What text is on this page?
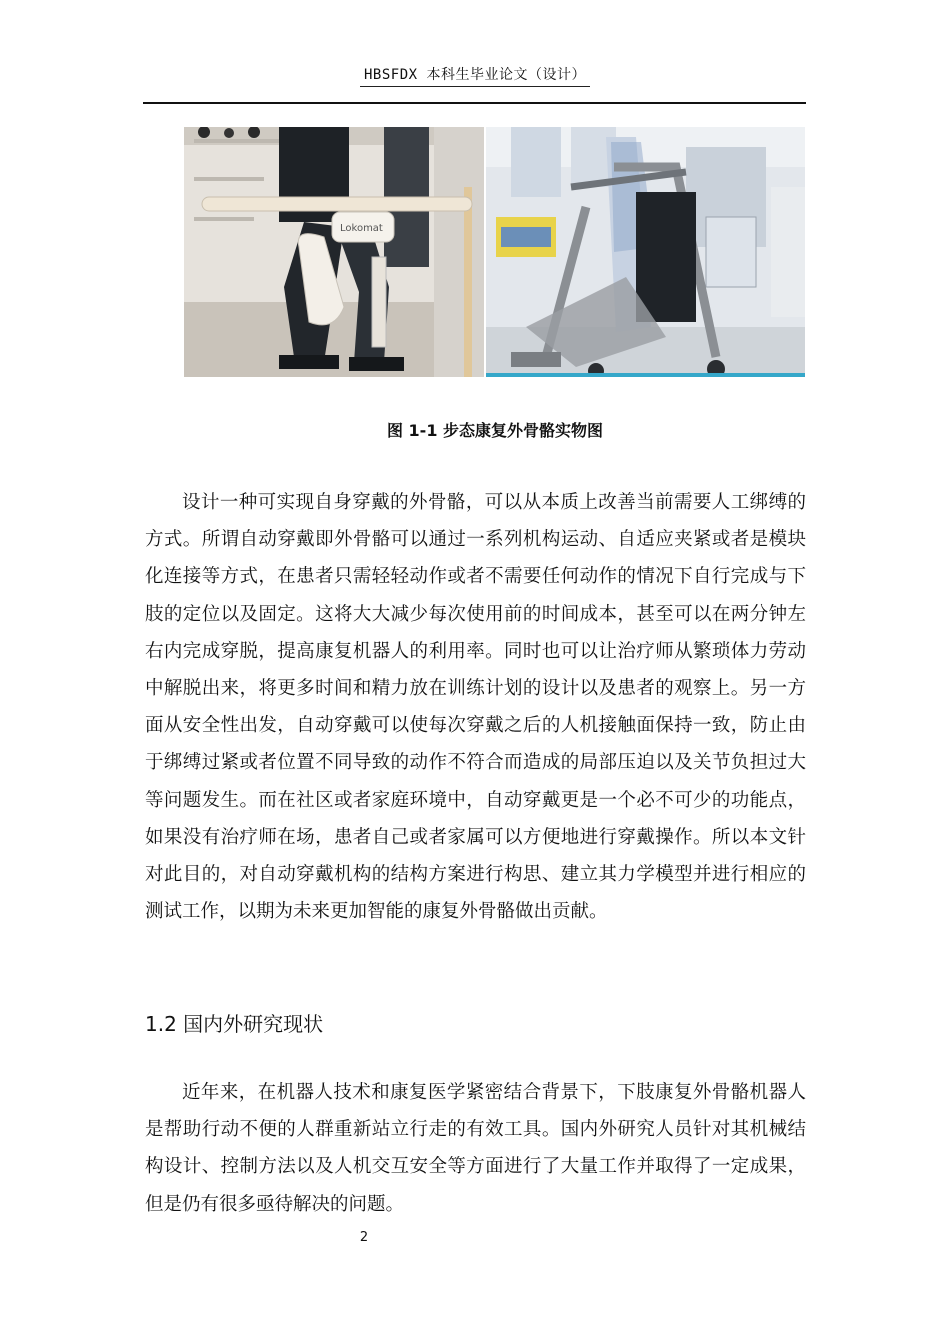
HBSFDX 本科生毕业论文（设计）
Lokomat
图 1-1 步态康复外骨骼实物图

设计一种可实现自身穿戴的外骨骼，可以从本质上改善当前需要人工绑缚的方式。所谓自动穿戴即外骨骼可以通过一系列机构运动、自适应夹紧或者是模块化连接等方式，在患者只需轻轻动作或者不需要任何动作的情况下自行完成与下肢的定位以及固定。这将大大减少每次使用前的时间成本，甚至可以在两分钟左右内完成穿脱，提高康复机器人的利用率。同时也可以让治疗师从繁琐体力劳动中解脱出来，将更多时间和精力放在训练计划的设计以及患者的观察上。另一方面从安全性出发，自动穿戴可以使每次穿戴之后的人机接触面保持一致，防止由于绑缚过紧或者位置不同导致的动作不符合而造成的局部压迫以及关节负担过大等问题发生。而在社区或者家庭环境中，自动穿戴更是一个必不可少的功能点，如果没有治疗师在场，患者自己或者家属可以方便地进行穿戴操作。所以本文针对此目的，对自动穿戴机构的结构方案进行构思、建立其力学模型并进行相应的测试工作，以期为未来更加智能的康复外骨骼做出贡献。

1.2 国内外研究现状

近年来，在机器人技术和康复医学紧密结合背景下，下肢康复外骨骼机器人是帮助行动不便的人群重新站立行走的有效工具。国内外研究人员针对其机械结构设计、控制方法以及人机交互安全等方面进行了大量工作并取得了一定成果，但是仍有很多亟待解决的问题。

2
